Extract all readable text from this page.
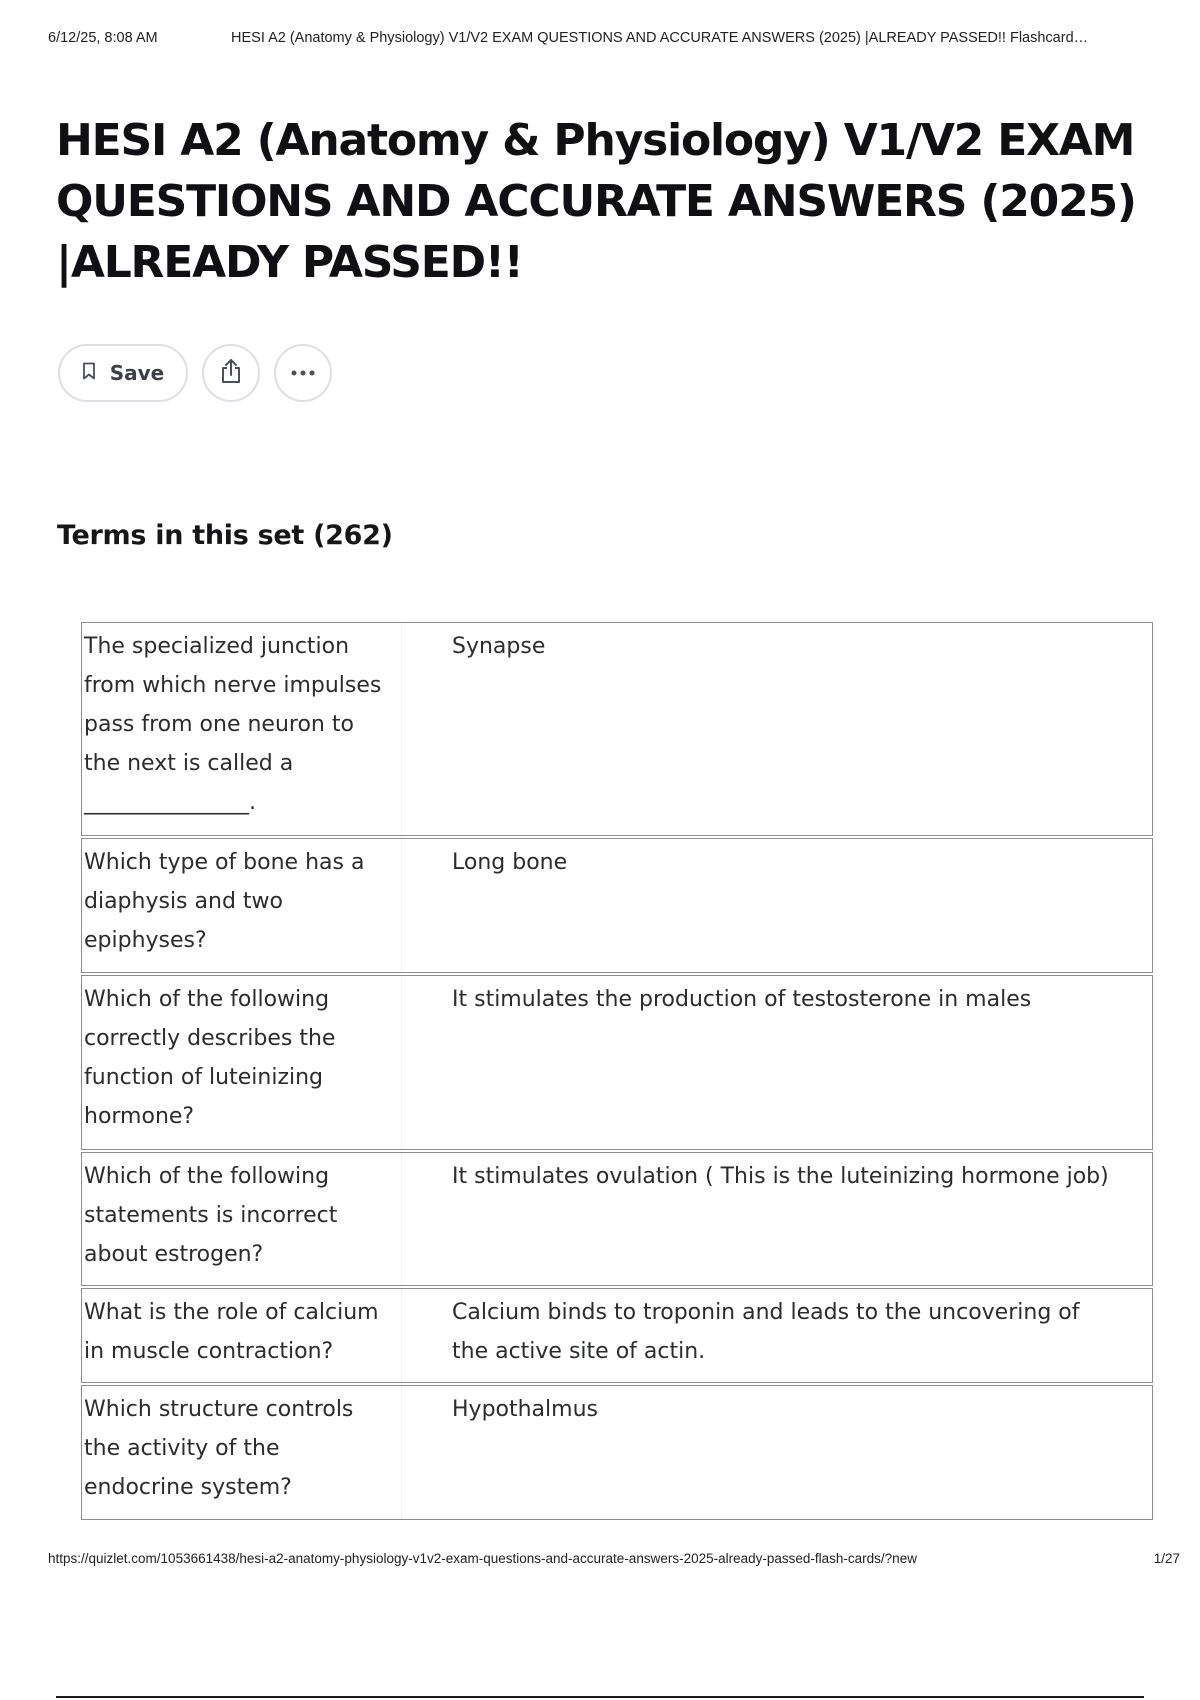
6/12/25, 8:08 AM	HESI A2 (Anatomy & Physiology) V1/V2 EXAM QUESTIONS AND ACCURATE ANSWERS (2025) |ALREADY PASSED!! Flashcard…
HESI A2 (Anatomy & Physiology) V1/V2 EXAM QUESTIONS AND ACCURATE ANSWERS (2025) |ALREADY PASSED!!
Save
Terms in this set (262)
The specialized junction from which nerve impulses pass from one neuron to the next is called a _______________.
Synapse
Which type of bone has a diaphysis and two epiphyses?
Long bone
Which of the following correctly describes the function of luteinizing hormone?
It stimulates the production of testosterone in males
Which of the following statements is incorrect about estrogen?
It stimulates ovulation ( This is the luteinizing hormone job)
What is the role of calcium in muscle contraction?
Calcium binds to troponin and leads to the uncovering of the active site of actin.
Which structure controls the activity of the endocrine system?
Hypothalmus
https://quizlet.com/1053661438/hesi-a2-anatomy-physiology-v1v2-exam-questions-and-accurate-answers-2025-already-passed-flash-cards/?new	1/27
